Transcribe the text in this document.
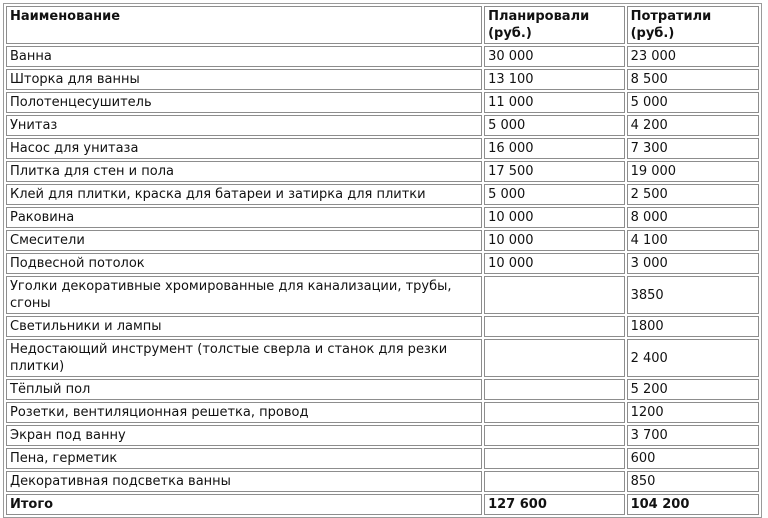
Наименование	Планировали (руб.)	Потратили (руб.)
Ванна	30 000	23 000
Шторка для ванны	13 100	8 500
Полотенцесушитель	11 000	5 000
Унитаз	5 000	4 200
Насос для унитаза	16 000	7 300
Плитка для стен и пола	17 500	19 000
Клей для плитки, краска для батареи и затирка для плитки	5 000	2 500
Раковина	10 000	8 000
Смесители	10 000	4 100
Подвесной потолок	10 000	3 000
Уголки декоративные хромированные для канализации, трубы, сгоны		3850
Светильники и лампы		1800
Недостающий инструмент (толстые сверла и станок для резки плитки)		2 400
Тёплый пол		5 200
Розетки, вентиляционная решетка, провод		1200
Экран под ванну		3 700
Пена, герметик		600
Декоративная подсветка ванны		850
Итого	127 600	104 200
